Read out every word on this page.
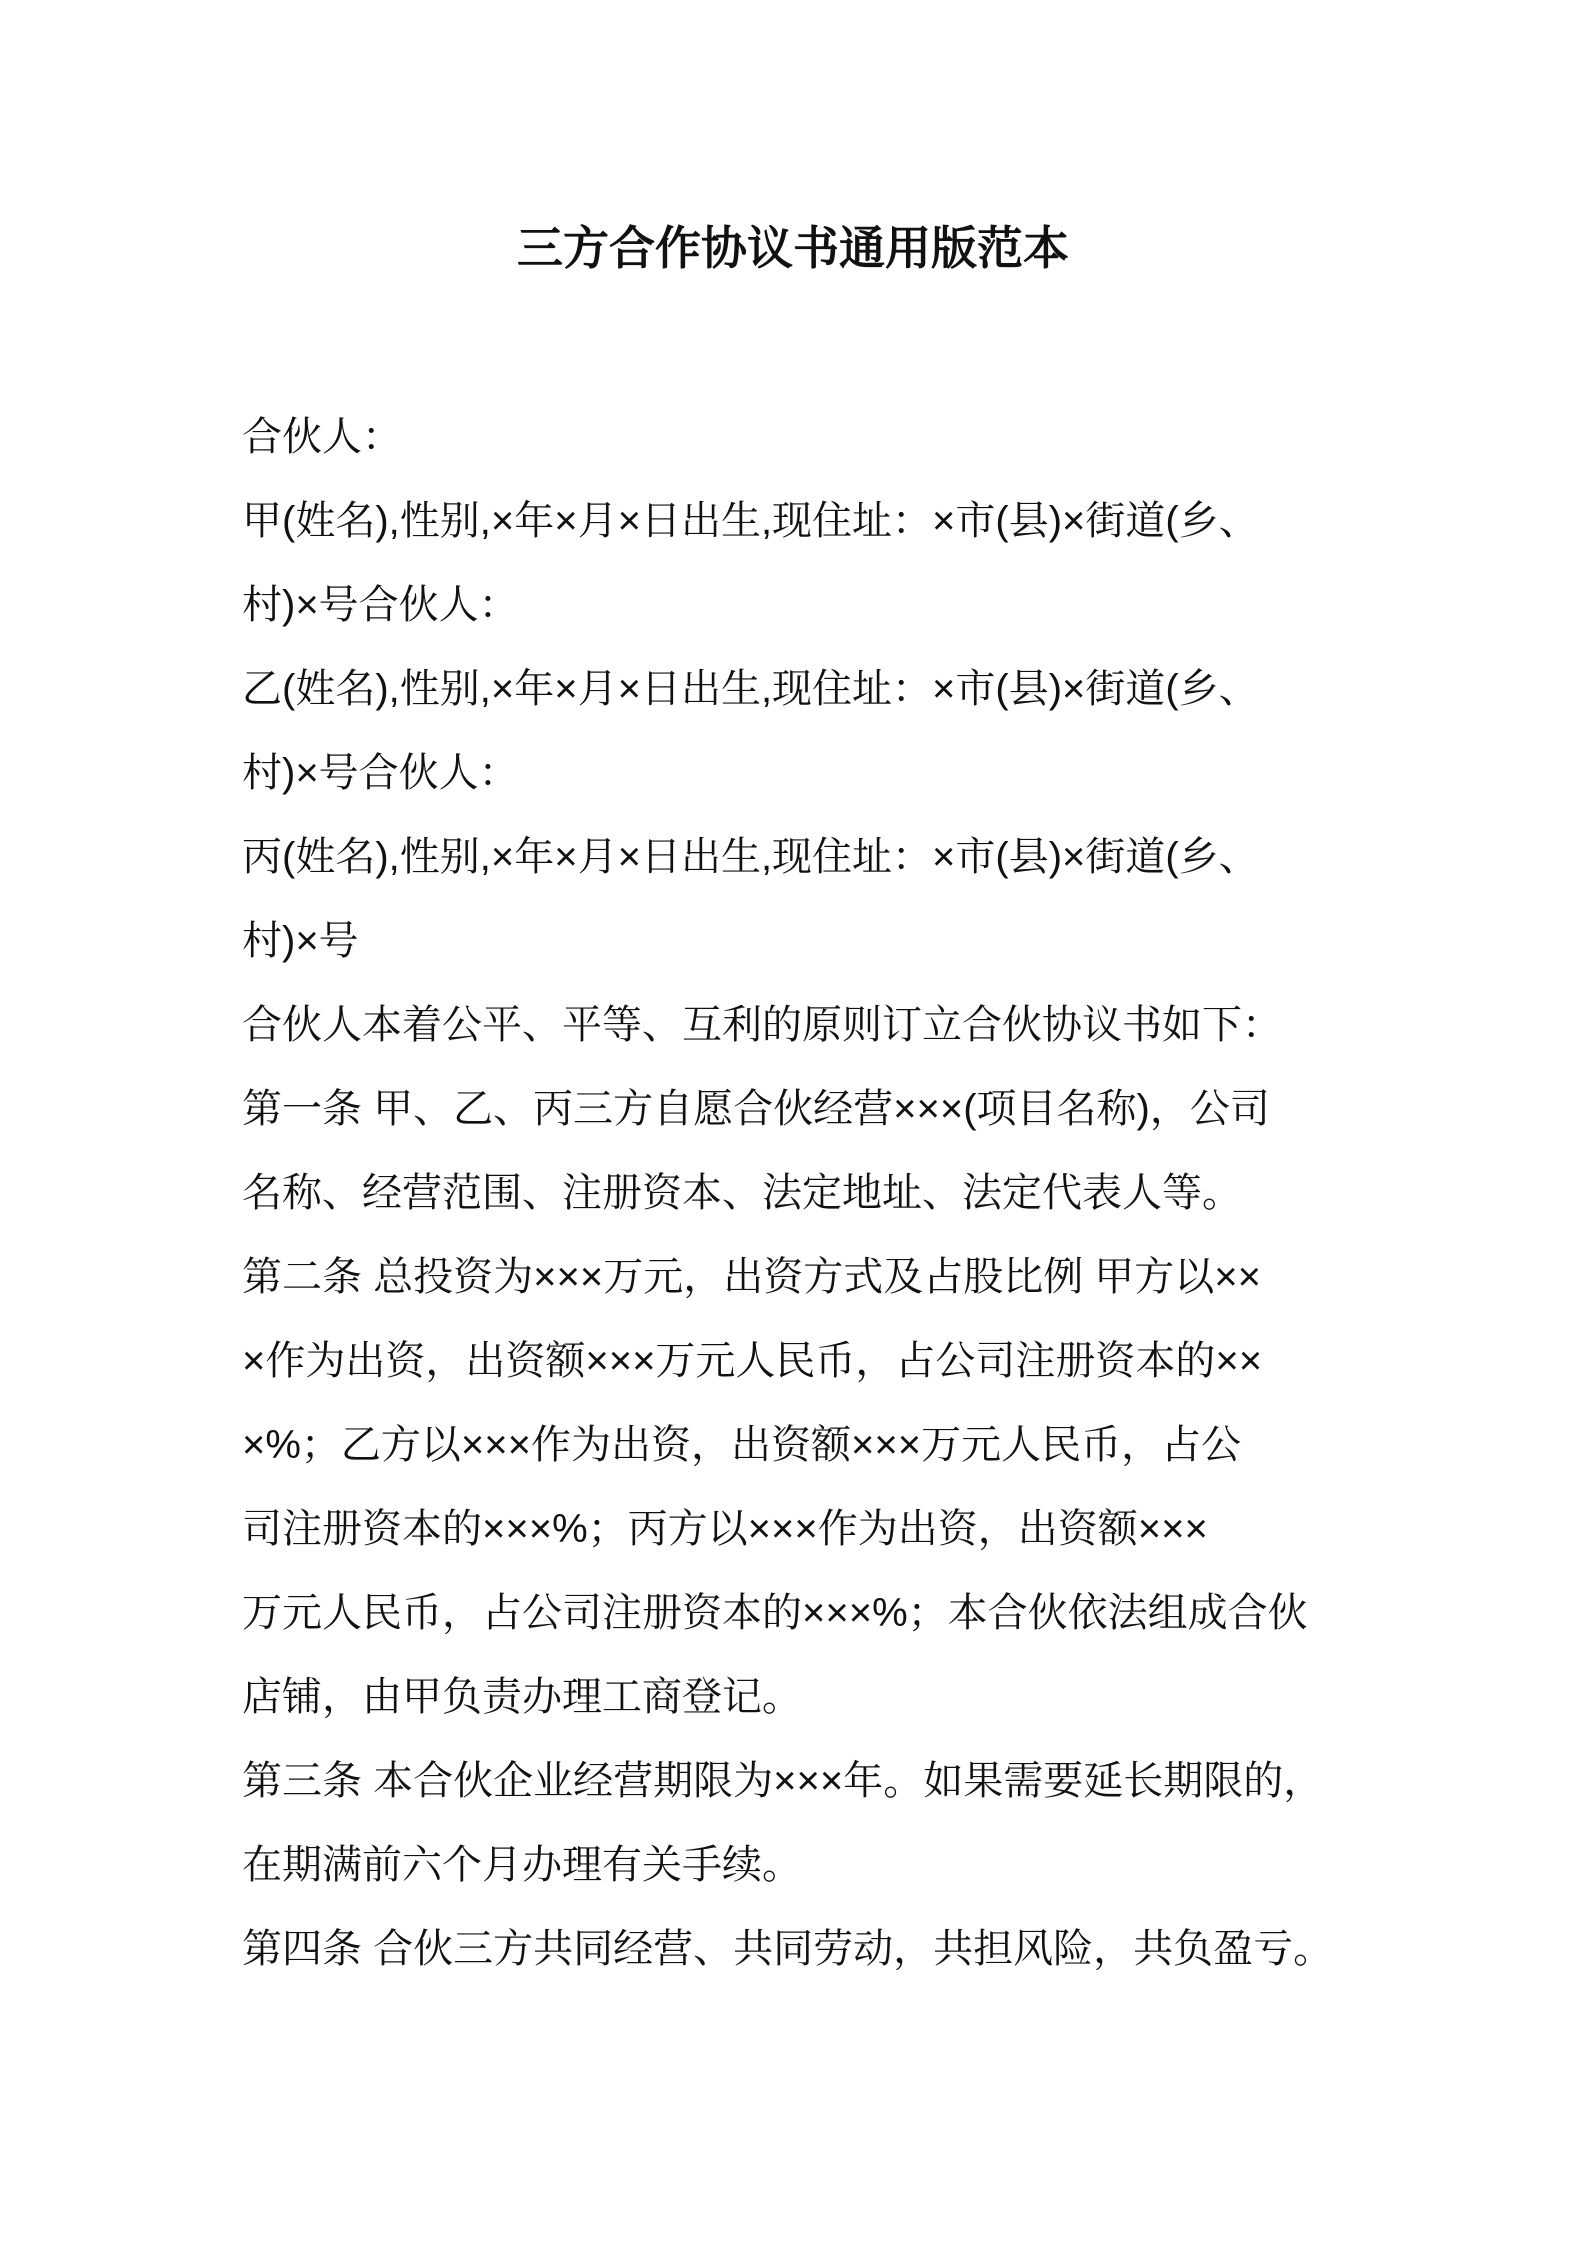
三方合作协议书通用版范本
合伙人：
甲(姓名),性别,×年×月×日出生,现住址：×市(县)×街道(乡、
村)×号合伙人：
乙(姓名),性别,×年×月×日出生,现住址：×市(县)×街道(乡、
村)×号合伙人：
丙(姓名),性别,×年×月×日出生,现住址：×市(县)×街道(乡、
村)×号
合伙人本着公平、平等、互利的原则订立合伙协议书如下：
第一条 甲、乙、丙三方自愿合伙经营×××(项目名称)，公司
名称、经营范围、注册资本、法定地址、法定代表人等。
第二条 总投资为×××万元，出资方式及占股比例 甲方以××
×作为出资，出资额×××万元人民币，占公司注册资本的××
×%；乙方以×××作为出资，出资额×××万元人民币，占公
司注册资本的×××%；丙方以×××作为出资，出资额×××
万元人民币，占公司注册资本的×××%；本合伙依法组成合伙
店铺，由甲负责办理工商登记。
第三条 本合伙企业经营期限为×××年。如果需要延长期限的，
在期满前六个月办理有关手续。
第四条 合伙三方共同经营、共同劳动，共担风险，共负盈亏。
